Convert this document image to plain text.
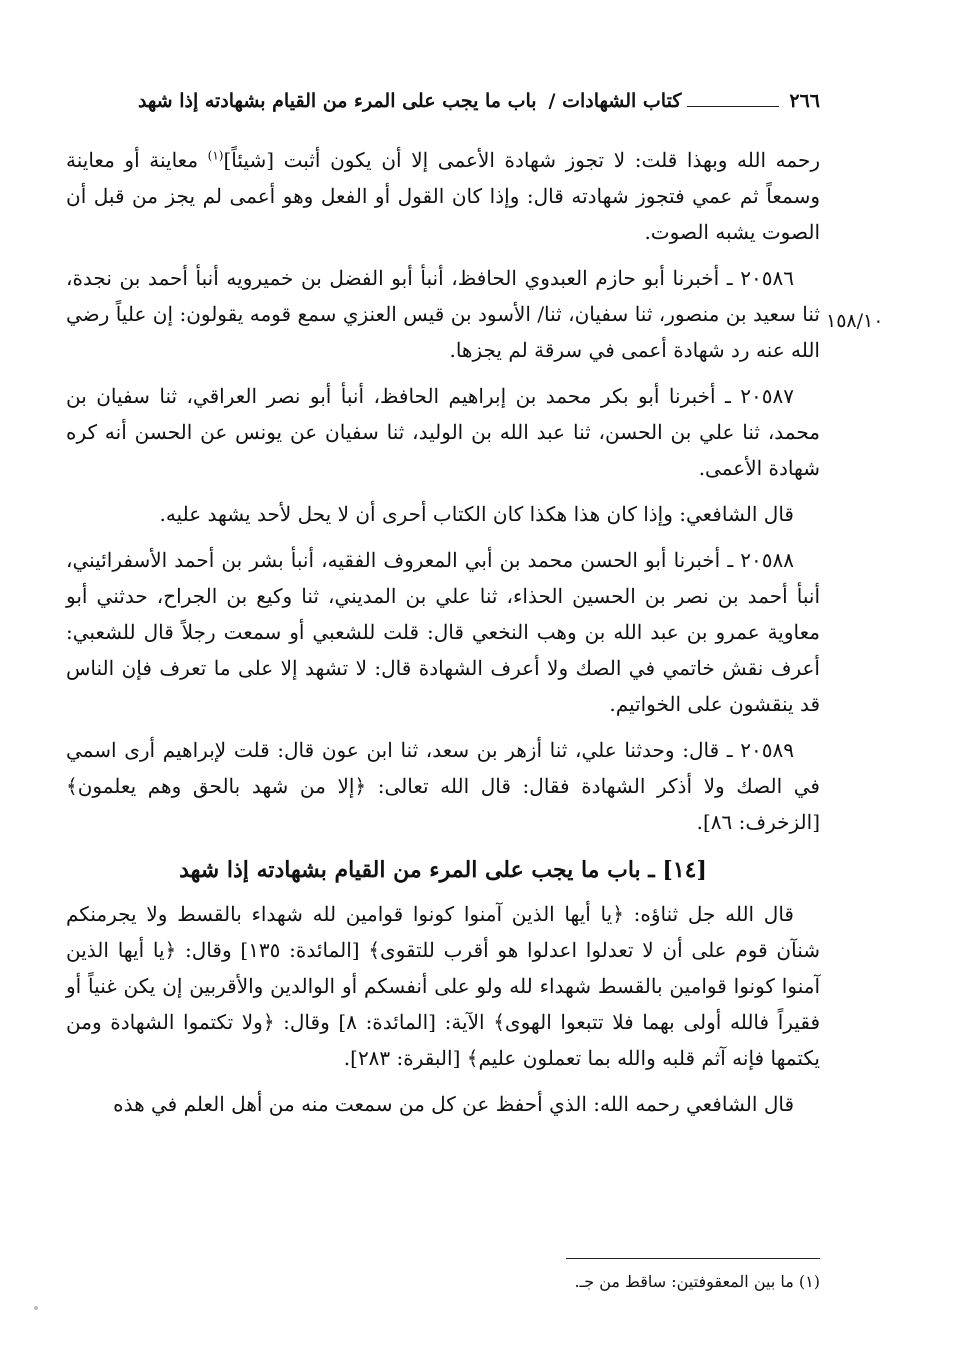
٢٦٦
كتاب الشهادات /
باب ما يجب على المرء من القيام بشهادته إذا شهد
١٥٨/١٠

رحمه الله وبهذا قلت: لا تجوز شهادة الأعمى إلا أن يكون أثبت [شيئاً]$^{(١)}$ معاينة أو معاينة وسمعاً ثم عمي فتجوز شهادته قال: وإذا كان القول أو الفعل وهو أعمى لم يجز من قبل أن الصوت يشبه الصوت.

٢٠٥٨٦ ـ أخبرنا أبو حازم العبدوي الحافظ، أنبأ أبو الفضل بن خميرويه أنبأ أحمد بن نجدة، ثنا سعيد بن منصور، ثنا سفيان، ثنا/ الأسود بن قيس العنزي سمع قومه يقولون: إن علياً رضي الله عنه رد شهادة أعمى في سرقة لم يجزها.

٢٠٥٨٧ ـ أخبرنا أبو بكر محمد بن إبراهيم الحافظ، أنبأ أبو نصر العراقي، ثنا سفيان بن محمد، ثنا علي بن الحسن، ثنا عبد الله بن الوليد، ثنا سفيان عن يونس عن الحسن أنه كره شهادة الأعمى.

قال الشافعي: وإذا كان هذا هكذا كان الكتاب أحرى أن لا يحل لأحد يشهد عليه.

٢٠٥٨٨ ـ أخبرنا أبو الحسن محمد بن أبي المعروف الفقيه، أنبأ بشر بن أحمد الأسفرائيني، أنبأ أحمد بن نصر بن الحسين الحذاء، ثنا علي بن المديني، ثنا وكيع بن الجراح، حدثني أبو معاوية عمرو بن عبد الله بن وهب النخعي قال: قلت للشعبي أو سمعت رجلاً قال للشعبي: أعرف نقش خاتمي في الصك ولا أعرف الشهادة قال: لا تشهد إلا على ما تعرف فإن الناس قد ينقشون على الخواتيم.

٢٠٥٨٩ ـ قال: وحدثنا علي، ثنا أزهر بن سعد، ثنا ابن عون قال: قلت لإبراهيم أرى اسمي في الصك ولا أذكر الشهادة فقال: قال الله تعالى: ﴿إلا من شهد بالحق وهم يعلمون﴾ [الزخرف: ٨٦].

[١٤] ـ باب ما يجب على المرء من القيام بشهادته إذا شهد

قال الله جل ثناؤه: ﴿يا أيها الذين آمنوا كونوا قوامين لله شهداء بالقسط ولا يجرمنكم شنآن قوم على أن لا تعدلوا اعدلوا هو أقرب للتقوى﴾ [المائدة: ١٣٥] وقال: ﴿يا أيها الذين آمنوا كونوا قوامين بالقسط شهداء لله ولو على أنفسكم أو الوالدين والأقربين إن يكن غنياً أو فقيراً فالله أولى بهما فلا تتبعوا الهوى﴾ الآية: [المائدة: ٨] وقال: ﴿ولا تكتموا الشهادة ومن يكتمها فإنه آثم قلبه والله بما تعملون عليم﴾ [البقرة: ٢٨٣].

قال الشافعي رحمه الله: الذي أحفظ عن كل من سمعت منه من أهل العلم في هذه

(١) ما بين المعقوفتين: ساقط من جـ.
